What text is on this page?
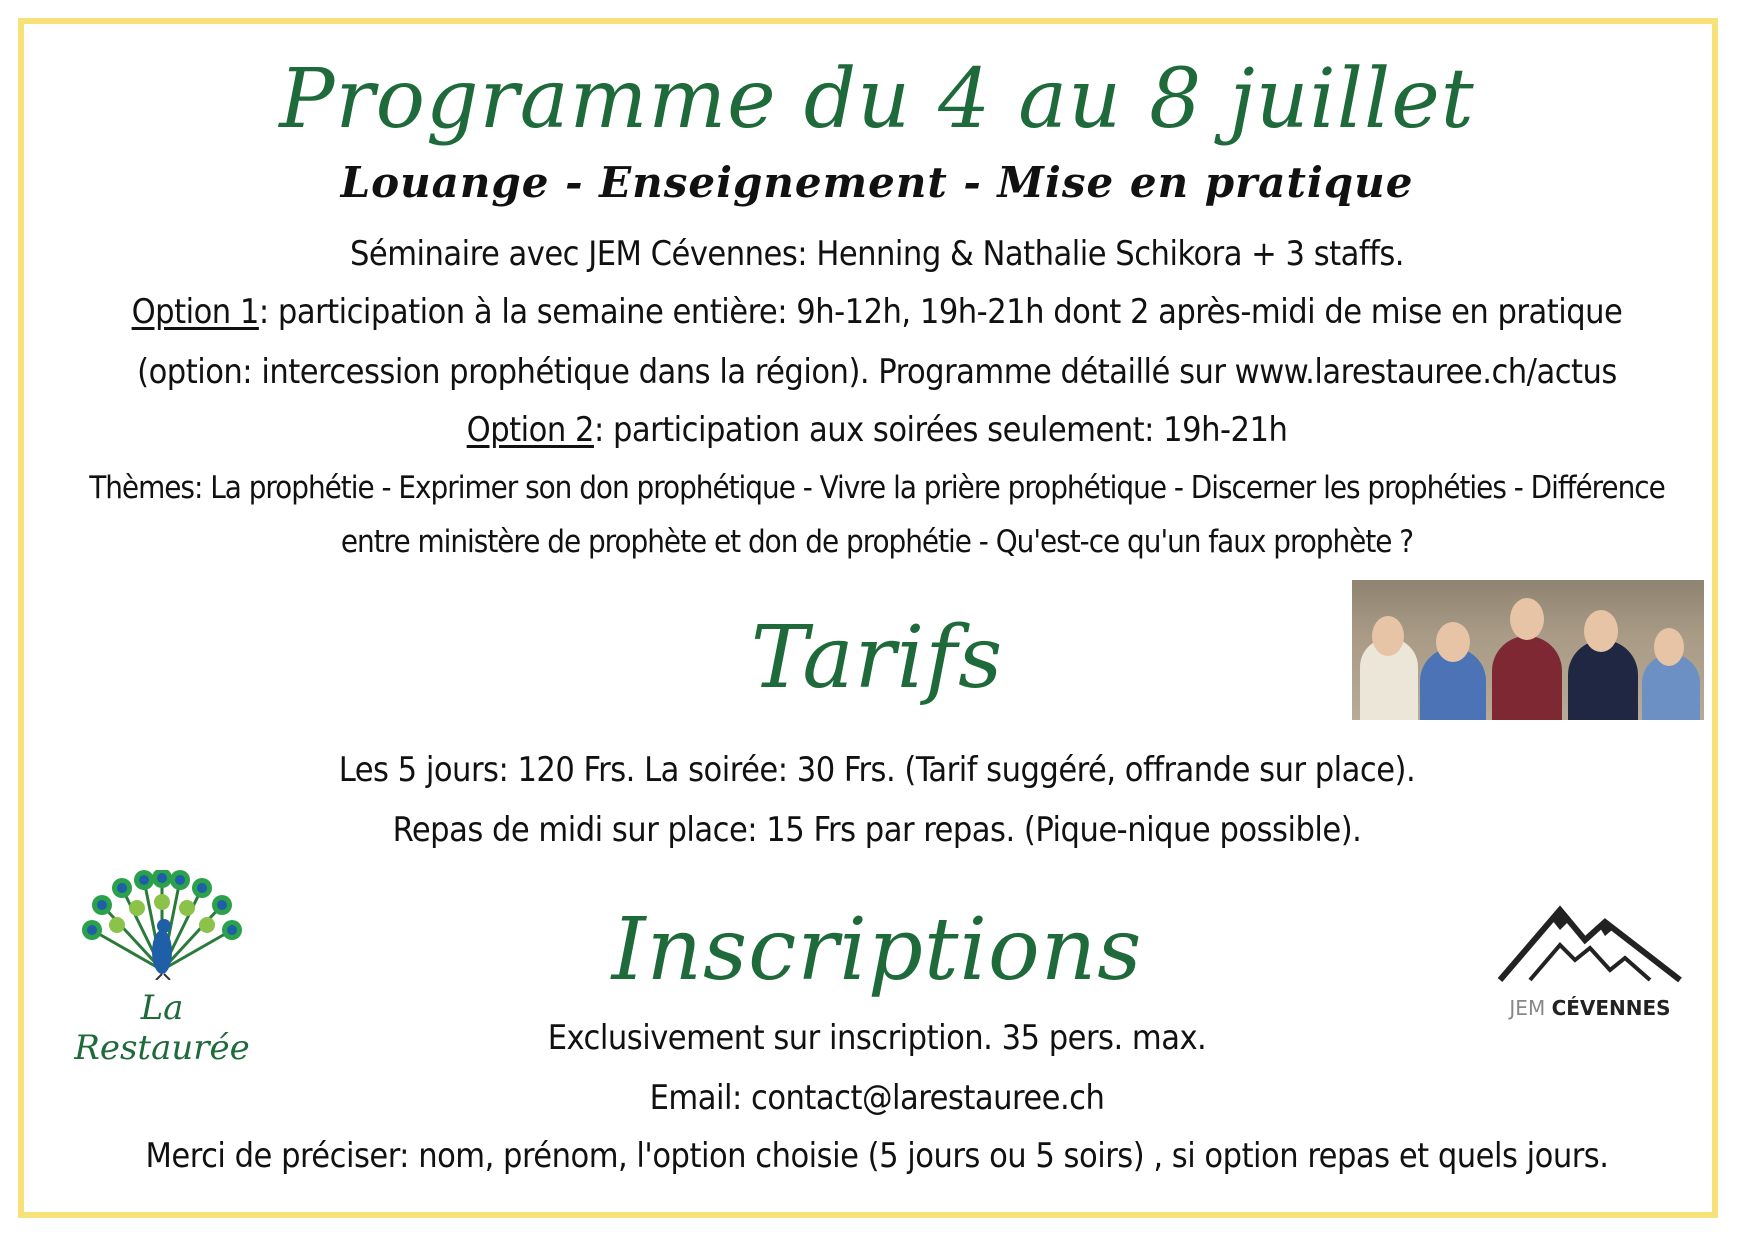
Programme du 4 au 8 juillet
Louange - Enseignement - Mise en pratique
Séminaire avec JEM Cévennes: Henning & Nathalie Schikora + 3 staffs.
Option 1: participation à la semaine entière: 9h-12h, 19h-21h dont 2 après-midi de mise en pratique
(option: intercession prophétique dans la région). Programme détaillé sur www.larestauree.ch/actus
Option 2: participation aux soirées seulement: 19h-21h
Thèmes: La prophétie - Exprimer son don prophétique - Vivre la prière prophétique - Discerner les prophéties - Différence
entre ministère de prophète et don de prophétie - Qu'est-ce qu'un faux prophète ?
Tarifs
Les 5 jours: 120 Frs. La soirée: 30 Frs. (Tarif suggéré, offrande sur place).
Repas de midi sur place: 15 Frs par repas. (Pique-nique possible).
Inscriptions
Exclusivement sur inscription. 35 pers. max.
Email: contact@larestauree.ch
Merci de préciser: nom, prénom, l'option choisie (5 jours ou 5 soirs) , si option repas et quels jours.
La Restaurée
JEM CÉVENNES
